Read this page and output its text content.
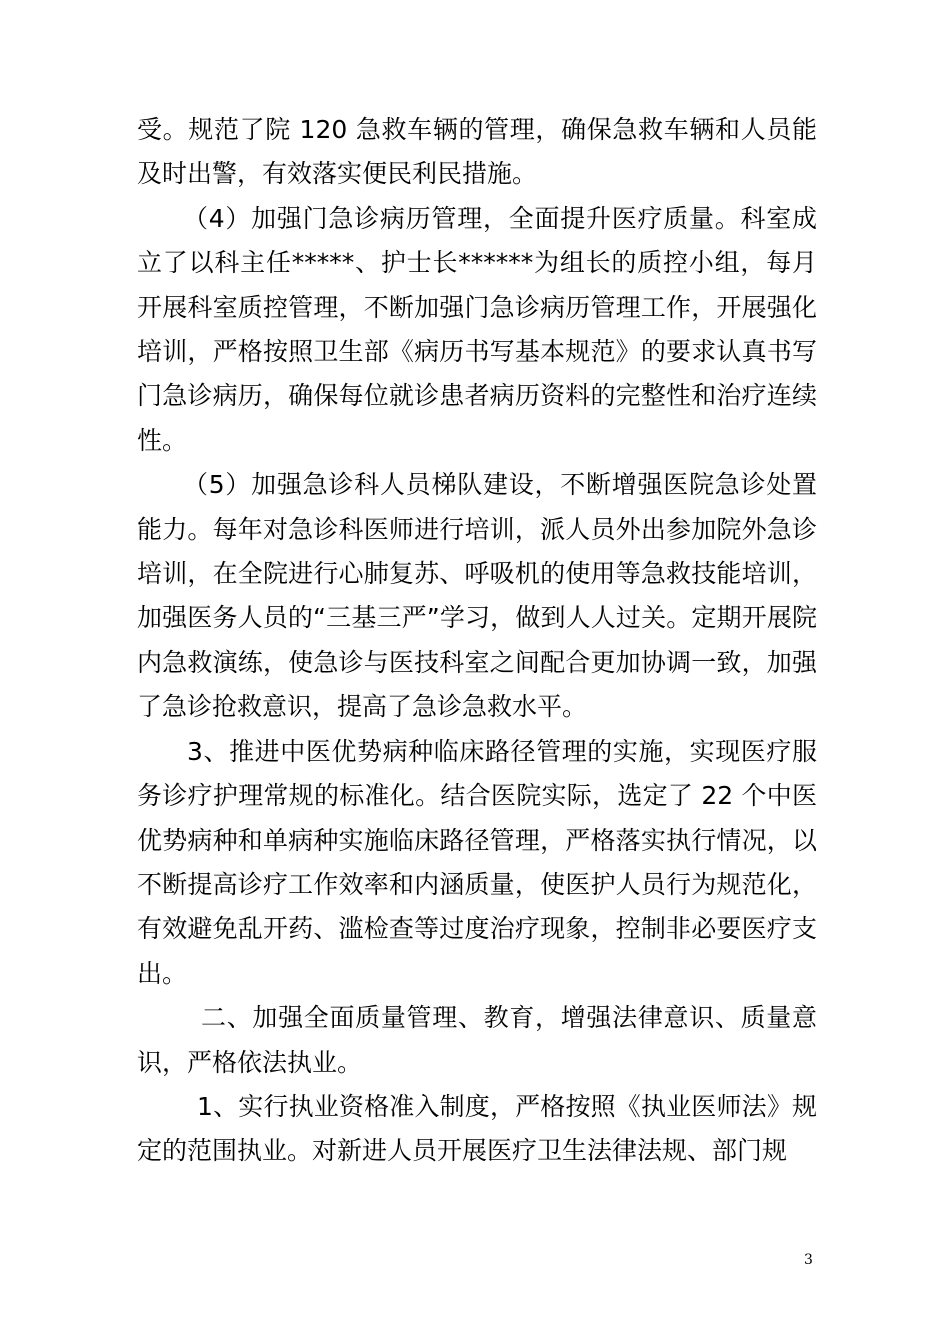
受。规范了院 120 急救车辆的管理，确保急救车辆和人员能及时出警，有效落实便民利民措施。

（4）加强门急诊病历管理，全面提升医疗质量。科室成立了以科主任*****、护士长******为组长的质控小组，每月开展科室质控管理，不断加强门急诊病历管理工作，开展强化培训，严格按照卫生部《病历书写基本规范》的要求认真书写门急诊病历，确保每位就诊患者病历资料的完整性和治疗连续性。

（5）加强急诊科人员梯队建设，不断增强医院急诊处置能力。每年对急诊科医师进行培训，派人员外出参加院外急诊培训，在全院进行心肺复苏、呼吸机的使用等急救技能培训，加强医务人员的“三基三严”学习，做到人人过关。定期开展院内急救演练，使急诊与医技科室之间配合更加协调一致，加强了急诊抢救意识，提高了急诊急救水平。

3、推进中医优势病种临床路径管理的实施，实现医疗服务诊疗护理常规的标准化。结合医院实际，选定了 22 个中医优势病种和单病种实施临床路径管理，严格落实执行情况，以不断提高诊疗工作效率和内涵质量，使医护人员行为规范化，有效避免乱开药、滥检查等过度治疗现象，控制非必要医疗支出。

二、加强全面质量管理、教育，增强法律意识、质量意识，严格依法执业。

1、实行执业资格准入制度，严格按照《执业医师法》规定的范围执业。对新进人员开展医疗卫生法律法规、部门规

3
